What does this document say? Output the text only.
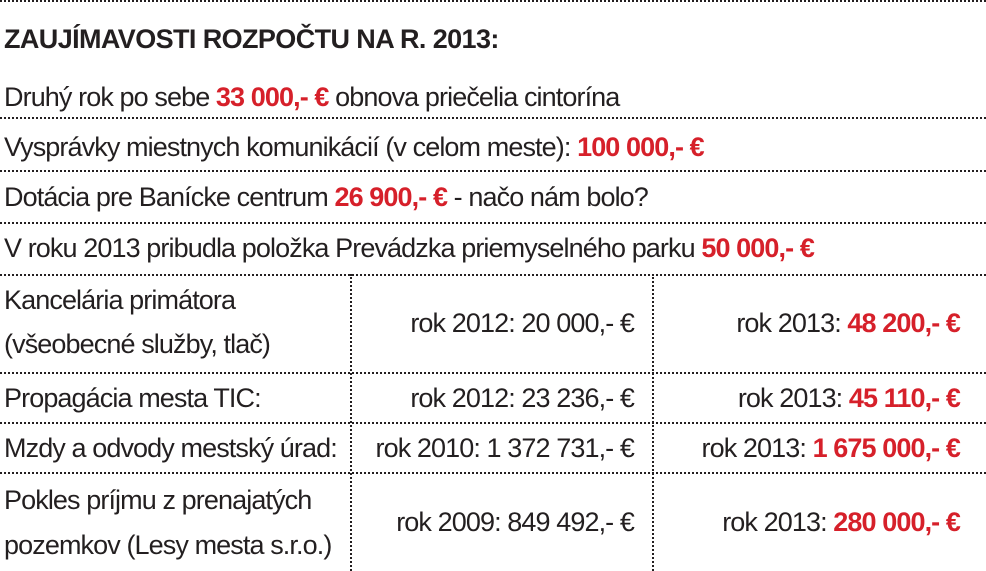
ZAUJÍMAVOSTI ROZPOČTU NA R. 2013:
Druhý rok po sebe 33 000,- € obnova priečelia cintorína
Vysprávky miestnych komunikácií (v celom meste): 100 000,- €
Dotácia pre Banícke centrum 26 900,- € - načo nám bolo?
V roku 2013 pribudla položka Prevádzka priemyselného parku 50 000,- €
Kancelária primátora
(všeobecné služby, tlač)
rok 2012: 20 000,- €	rok 2013: 48 200,- €
Propagácia mesta TIC:	rok 2012: 23 236,- €	rok 2013: 45 110,- €
Mzdy a odvody mestský úrad:	rok 2010: 1 372 731,- €	rok 2013: 1 675 000,- €
Pokles príjmu z prenajatých
pozemkov (Lesy mesta s.r.o.)
rok 2009: 849 492,- €	rok 2013: 280 000,- €
